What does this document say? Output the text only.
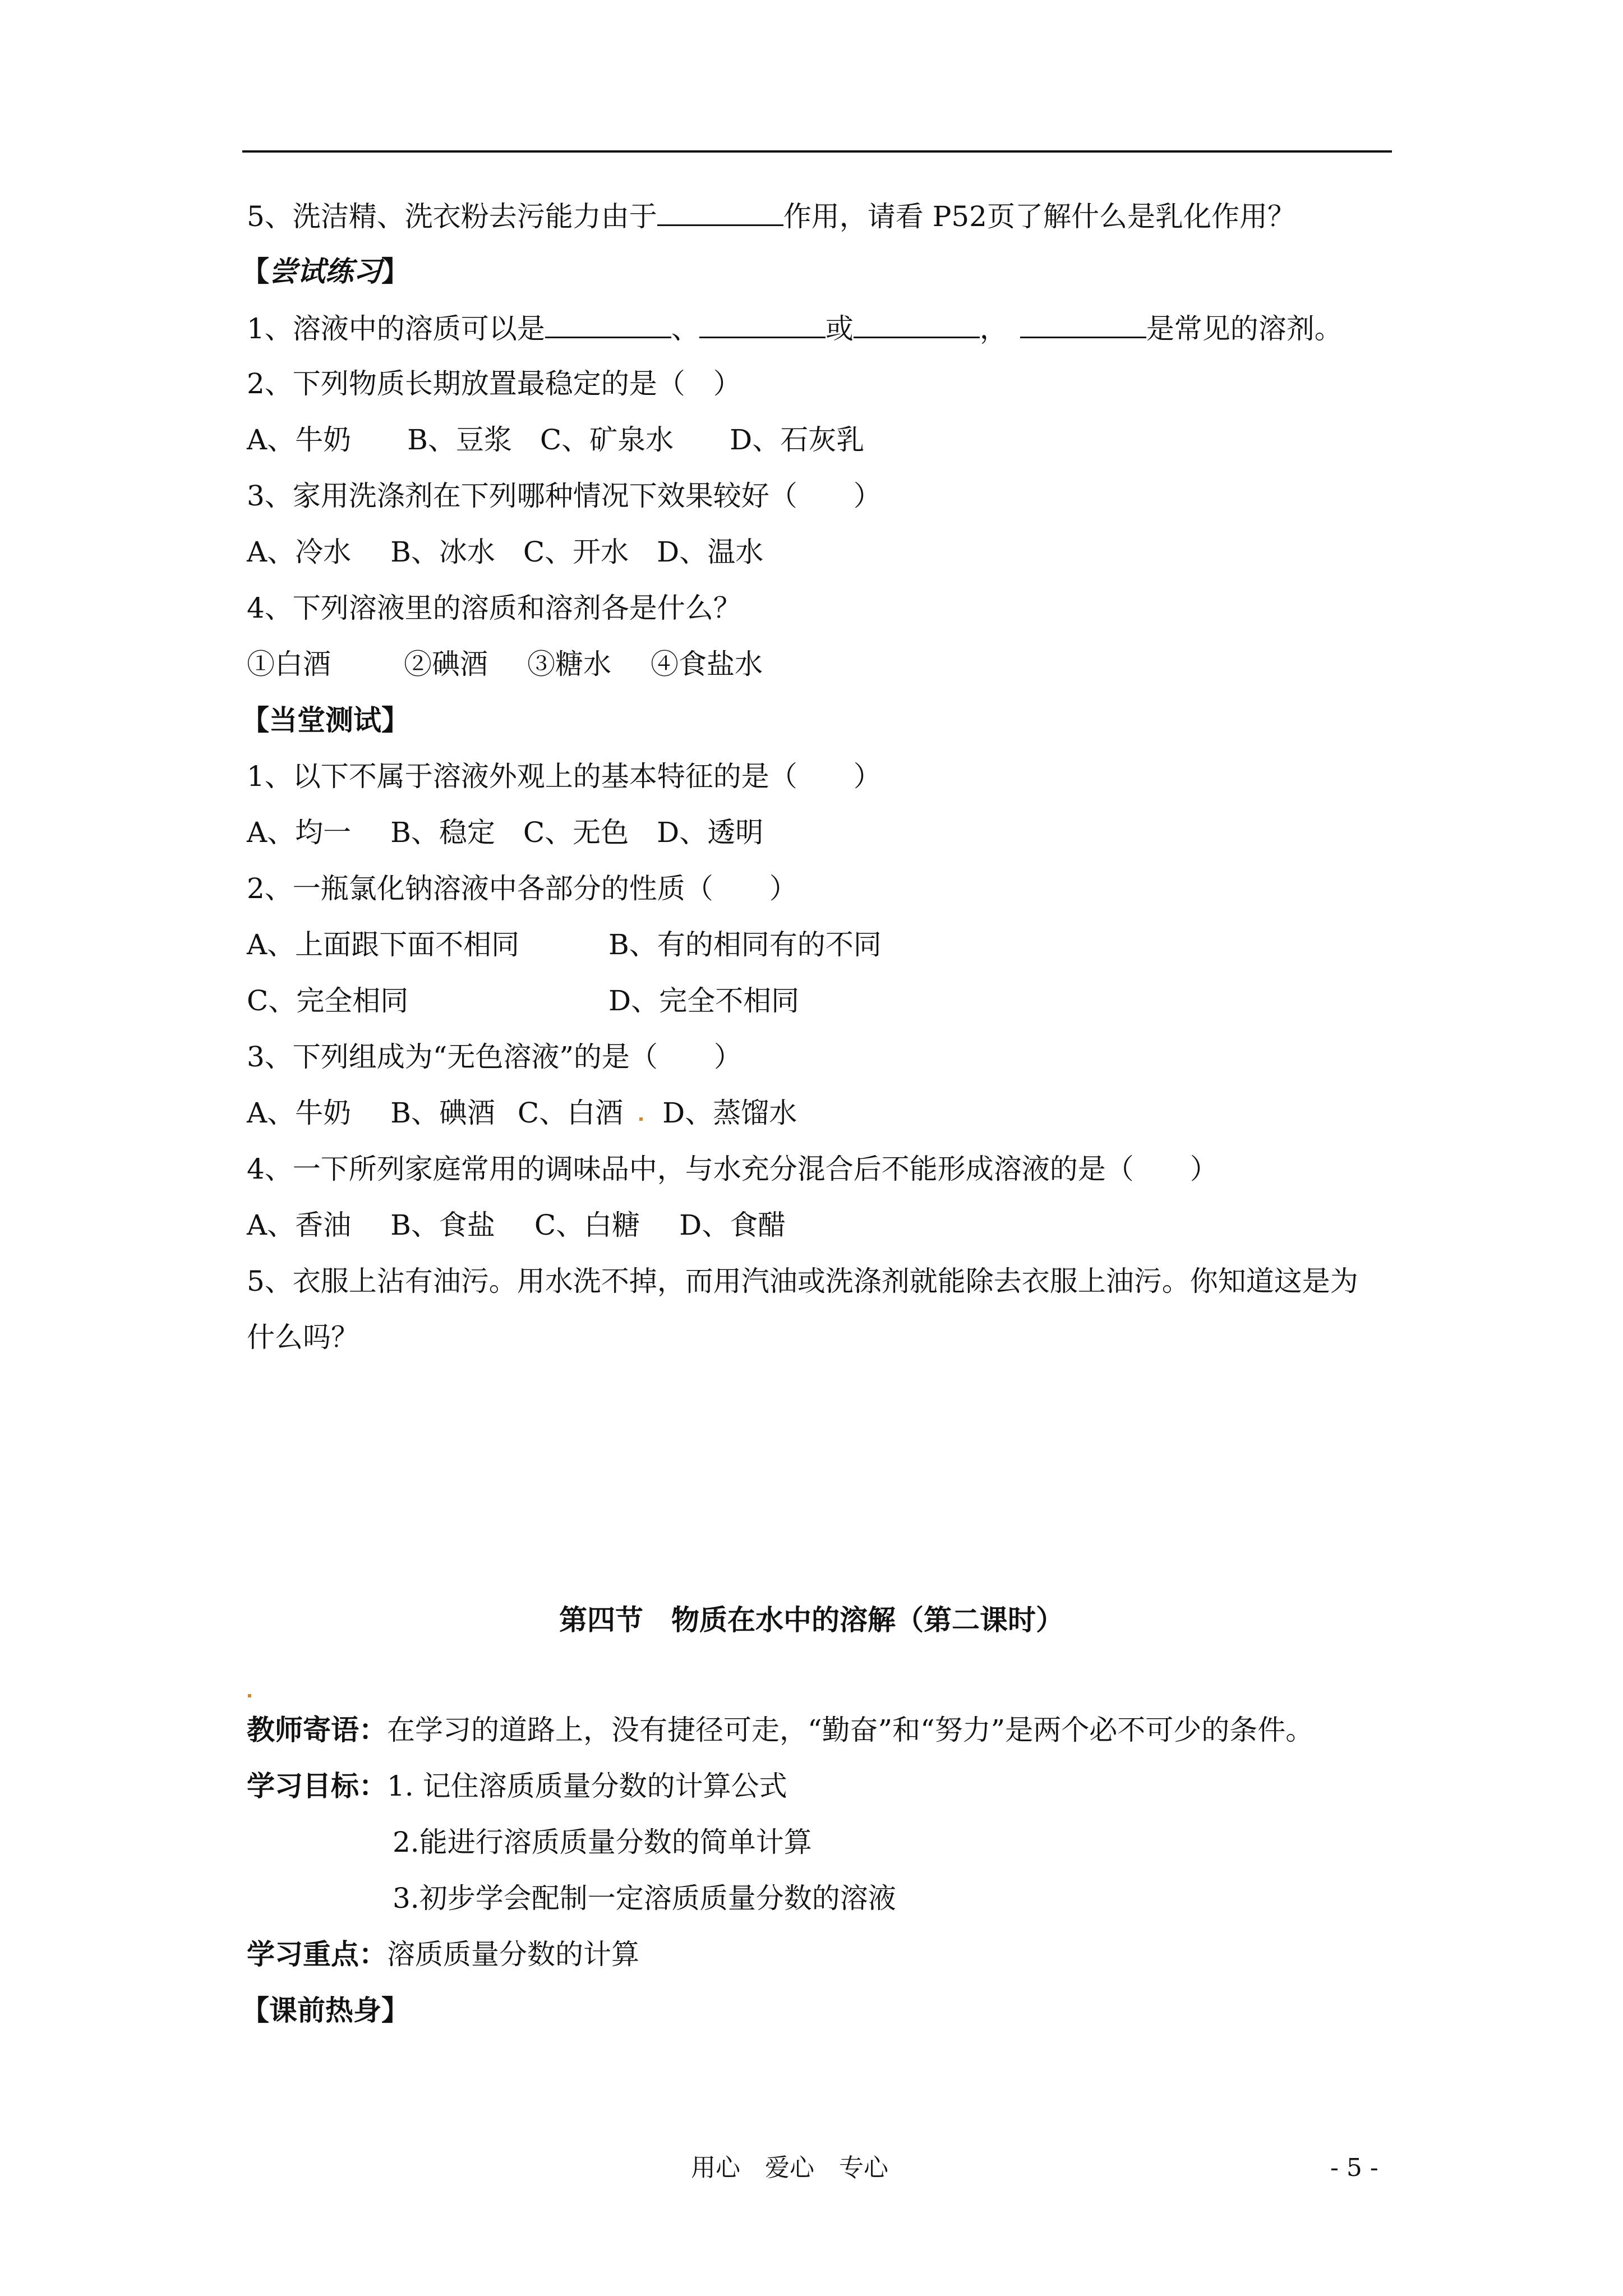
5、洗洁精、洗衣粉去污能力由于	作用，请看 P52页了解什么是乳化作用？
【尝试练习】
1、溶液中的溶质可以是	、	或	，	是常见的溶剂。
2、下列物质长期放置最稳定的是（　）
A、牛奶 B、豆浆 C、矿泉水 D、石灰乳
3、家用洗涤剂在下列哪种情况下效果较好（　　）
A、冷水 B、冰水 C、开水 D、温水
4、下列溶液里的溶质和溶剂各是什么？
①白酒	②碘酒 ③糖水 ④食盐水
【当堂测试】
1、以下不属于溶液外观上的基本特征的是（　　）
A、均一 B、稳定 C、无色 D、透明
2、一瓶氯化钠溶液中各部分的性质（　　）
A、上面跟下面不相同	B、有的相同有的不同
C、完全相同	D、完全不相同
3、下列组成为“无色溶液”的是（　　）
A、牛奶 B、碘酒 C、白酒 D、蒸馏水
4、一下所列家庭常用的调味品中，与水充分混合后不能形成溶液的是（　　）
A、香油 B、食盐 C、白糖 D、食醋
5、衣服上沾有油污。用水洗不掉，而用汽油或洗涤剂就能除去衣服上油污。你知道这是为
什么吗？
第四节　物质在水中的溶解（第二课时）
教师寄语：在学习的道路上，没有捷径可走，“勤奋”和“努力”是两个必不可少的条件。
学习目标：1. 记住溶质质量分数的计算公式
2.能进行溶质质量分数的简单计算
3.初步学会配制一定溶质质量分数的溶液
学习重点：溶质质量分数的计算
【课前热身】
用心　爱心　专心	- 5 -
